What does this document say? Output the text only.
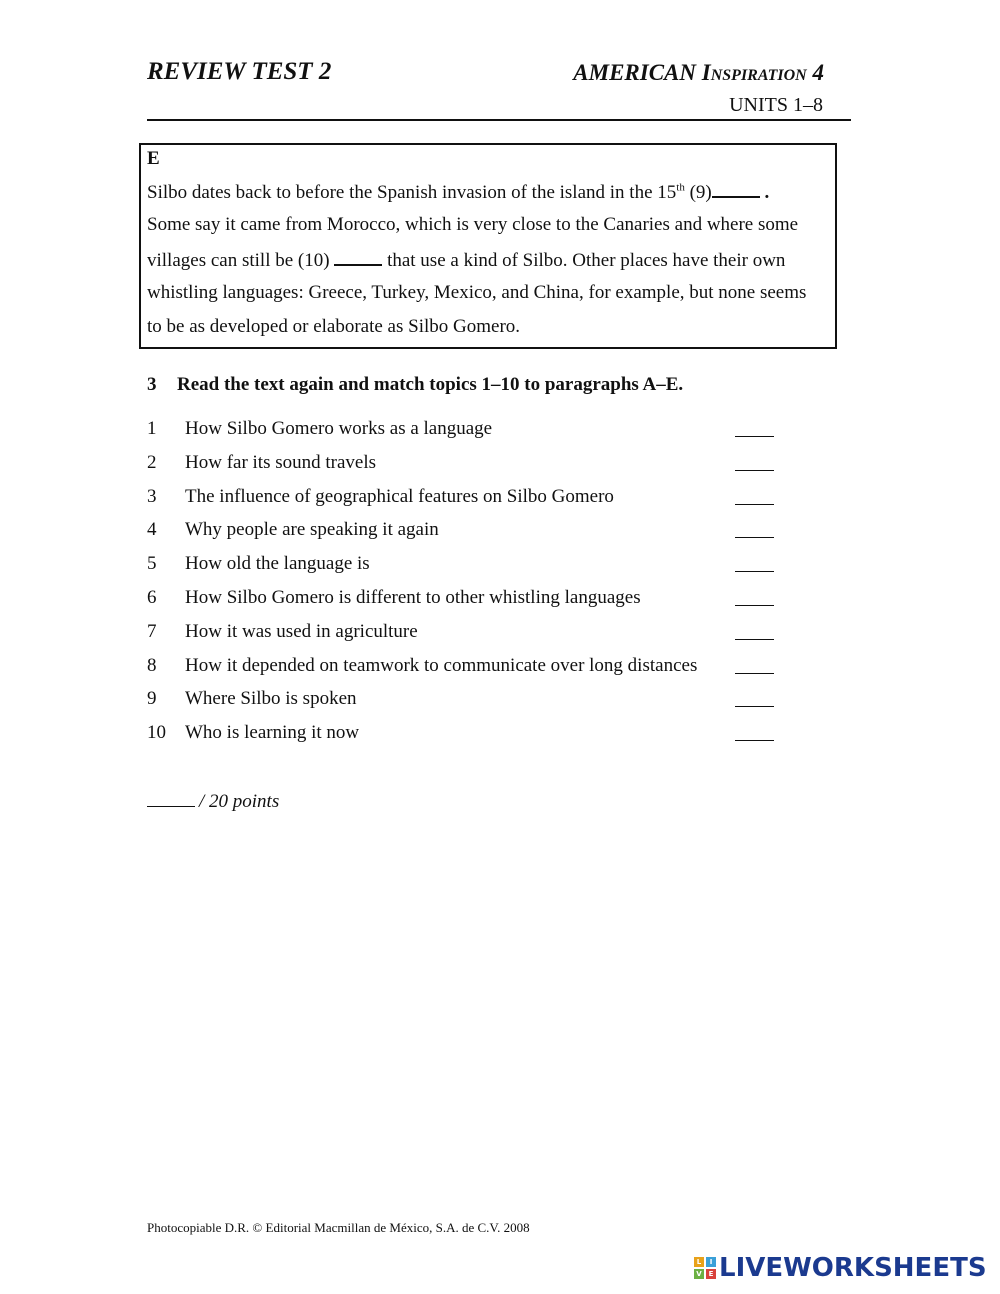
REVIEW TEST 2	AMERICAN Inspiration 4
UNITS 1–8
E
Silbo dates back to before the Spanish invasion of the island in the 15th (9)	.
Some say it came from Morocco, which is very close to the Canaries and where some
villages can still be (10)	that use a kind of Silbo. Other places have their own
whistling languages: Greece, Turkey, Mexico, and China, for example, but none seems
to be as developed or elaborate as Silbo Gomero.
3 Read the text again and match topics 1–10 to paragraphs A–E.
1 How Silbo Gomero works as a language
2 How far its sound travels
3 The influence of geographical features on Silbo Gomero
4 Why people are speaking it again
5 How old the language is
6 How Silbo Gomero is different to other whistling languages
7 How it was used in agriculture
8 How it depended on teamwork to communicate over long distances
9 Where Silbo is spoken
10 Who is learning it now
/ 20 points
Photocopiable D.R. © Editorial Macmillan de México, S.A. de C.V. 2008
L	I
V E LIVEWORKSHEETS
